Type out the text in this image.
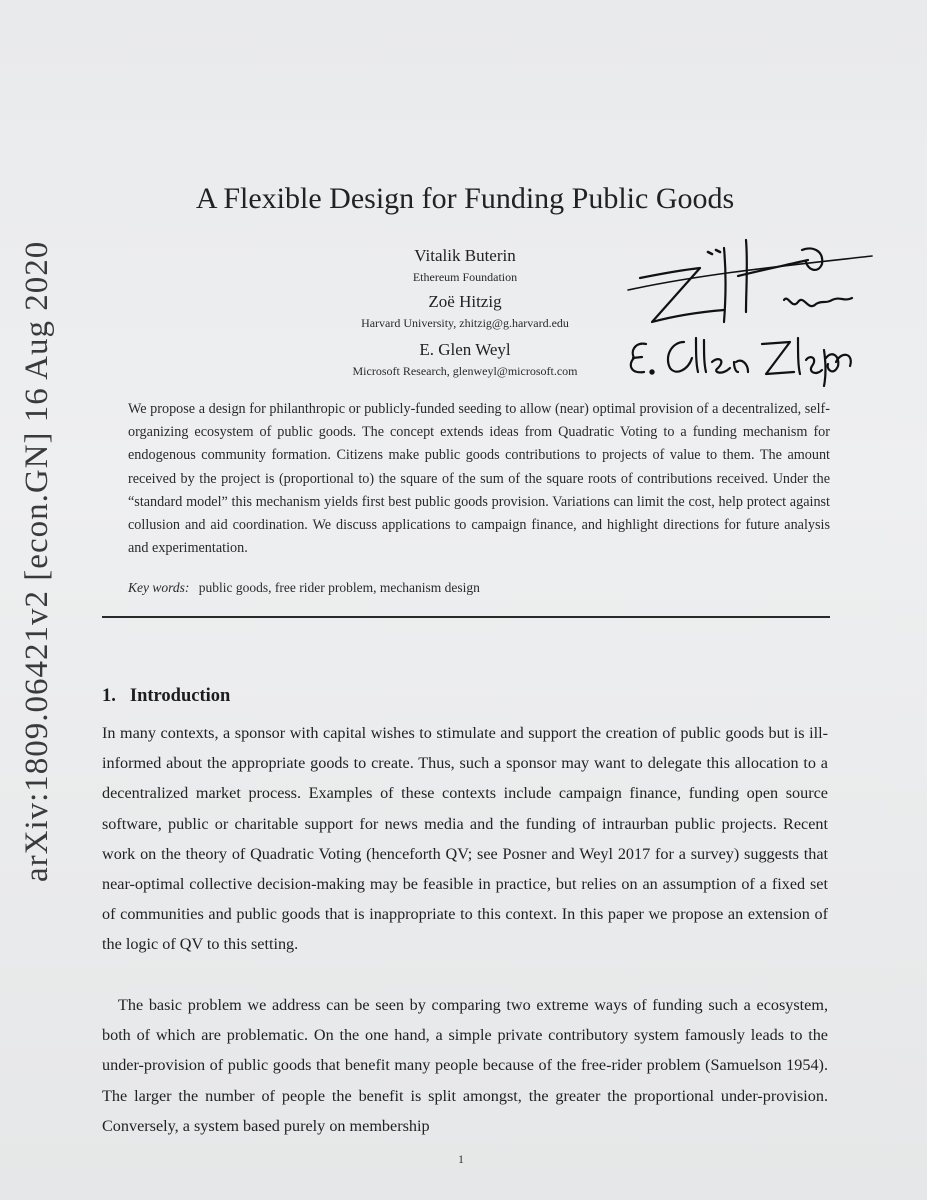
arXiv:1809.06421v2 [econ.GN] 16 Aug 2020
A Flexible Design for Funding Public Goods
Vitalik Buterin
Ethereum Foundation
Zoë Hitzig
Harvard University, zhitzig@g.harvard.edu
E. Glen Weyl
Microsoft Research, glenweyl@microsoft.com
We propose a design for philanthropic or publicly-funded seeding to allow (near) optimal provision of a decentralized, self-organizing ecosystem of public goods. The concept extends ideas from Quadratic Voting to a funding mechanism for endogenous community formation. Citizens make public goods contributions to projects of value to them. The amount received by the project is (proportional to) the square of the sum of the square roots of contributions received. Under the “standard model” this mechanism yields first best public goods provision. Variations can limit the cost, help protect against collusion and aid coordination. We discuss applications to campaign finance, and highlight directions for future analysis and experimentation.
Key words: public goods, free rider problem, mechanism design
1. Introduction

In many contexts, a sponsor with capital wishes to stimulate and support the creation of public goods but is ill-informed about the appropriate goods to create. Thus, such a sponsor may want to delegate this allocation to a decentralized market process. Examples of these contexts include campaign finance, funding open source software, public or charitable support for news media and the funding of intraurban public projects. Recent work on the theory of Quadratic Voting (henceforth QV; see Posner and Weyl 2017 for a survey) suggests that near-optimal collective decision-making may be feasible in practice, but relies on an assumption of a fixed set of communities and public goods that is inappropriate to this context. In this paper we propose an extension of the logic of QV to this setting.

The basic problem we address can be seen by comparing two extreme ways of funding such a ecosystem, both of which are problematic. On the one hand, a simple private contributory system famously leads to the under-provision of public goods that benefit many people because of the free-rider problem (Samuelson 1954). The larger the number of people the benefit is split amongst, the greater the proportional under-provision. Conversely, a system based purely on membership

1
